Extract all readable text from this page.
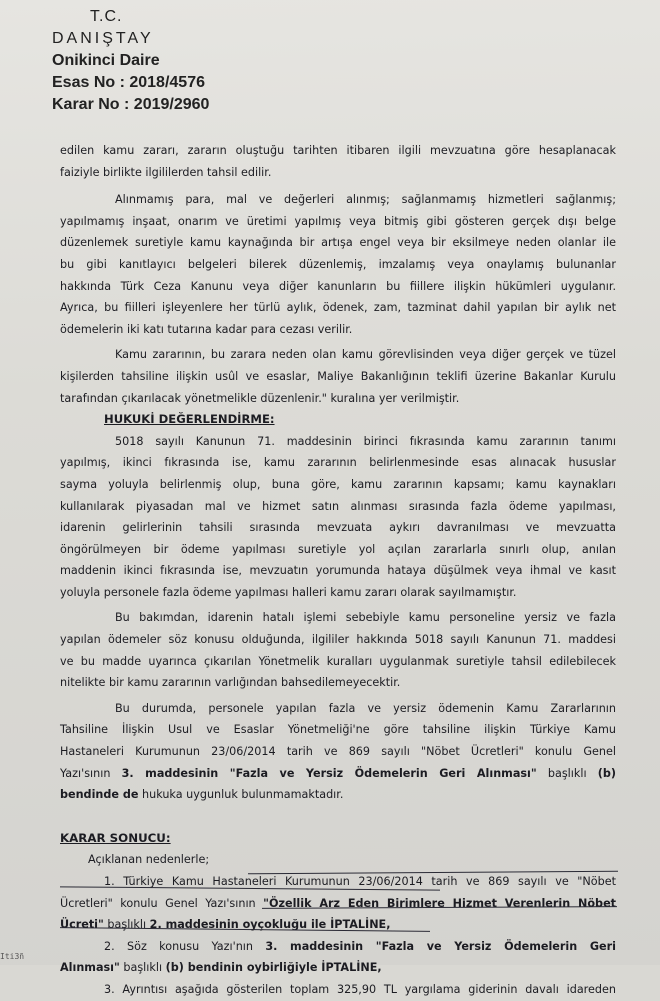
T.C.
DANIŞTAY
Onikinci Daire
Esas No : 2018/4576
Karar No : 2019/2960

edilen kamu zararı, zararın oluştuğu tarihten itibaren ilgili mevzuatına göre hesaplanacak

faiziyle birlikte ilgililerden tahsil edilir.

Alınmamış para, mal ve değerleri alınmış; sağlanmamış hizmetleri sağlanmış;

yapılmamış inşaat, onarım ve üretimi yapılmış veya bitmiş gibi gösteren gerçek dışı belge

düzenlemek suretiyle kamu kaynağında bir artışa engel veya bir eksilmeye neden olanlar ile

bu gibi kanıtlayıcı belgeleri bilerek düzenlemiş, imzalamış veya onaylamış bulunanlar

hakkında Türk Ceza Kanunu veya diğer kanunların bu fiillere ilişkin hükümleri uygulanır.

Ayrıca, bu fiilleri işleyenlere her türlü aylık, ödenek, zam, tazminat dahil yapılan bir aylık net

ödemelerin iki katı tutarına kadar para cezası verilir.

Kamu zararının, bu zarara neden olan kamu görevlisinden veya diğer gerçek ve tüzel

kişilerden tahsiline ilişkin usûl ve esaslar, Maliye Bakanlığının teklifi üzerine Bakanlar Kurulu

tarafından çıkarılacak yönetmelikle düzenlenir." kuralına yer verilmiştir.

HUKUKİ DEĞERLENDİRME:

5018 sayılı Kanunun 71. maddesinin birinci fıkrasında kamu zararının tanımı

yapılmış, ikinci fıkrasında ise, kamu zararının belirlenmesinde esas alınacak hususlar

sayma yoluyla belirlenmiş olup, buna göre, kamu zararının kapsamı; kamu kaynakları

kullanılarak piyasadan mal ve hizmet satın alınması sırasında fazla ödeme yapılması,

idarenin gelirlerinin tahsili sırasında mevzuata aykırı davranılması ve mevzuatta

öngörülmeyen bir ödeme yapılması suretiyle yol açılan zararlarla sınırlı olup, anılan

maddenin ikinci fıkrasında ise, mevzuatın yorumunda hataya düşülmek veya ihmal ve kasıt

yoluyla personele fazla ödeme yapılması halleri kamu zararı olarak sayılmamıştır.

Bu bakımdan, idarenin hatalı işlemi sebebiyle kamu personeline yersiz ve fazla

yapılan ödemeler söz konusu olduğunda, ilgililer hakkında 5018 sayılı Kanunun 71. maddesi

ve bu madde uyarınca çıkarılan Yönetmelik kuralları uygulanmak suretiyle tahsil edilebilecek

nitelikte bir kamu zararının varlığından bahsedilemeyecektir.

Bu durumda, personele yapılan fazla ve yersiz ödemenin Kamu Zararlarının

Tahsiline İlişkin Usul ve Esaslar Yönetmeliği'ne göre tahsiline ilişkin Türkiye Kamu

Hastaneleri Kurumunun 23/06/2014 tarih ve 869 sayılı "Nöbet Ücretleri" konulu Genel

Yazı'sının 3. maddesinin "Fazla ve Yersiz Ödemelerin Geri Alınması" başlıklı (b)

bendinde de hukuka uygunluk bulunmamaktadır.

KARAR SONUCU:

Açıklanan nedenlerle;

1. Türkiye Kamu Hastaneleri Kurumunun 23/06/2014 tarih ve 869 sayılı ve "Nöbet

Ücretleri" konulu Genel Yazı'sının "Özellik Arz Eden Birimlere Hizmet Verenlerin Nöbet

Ücreti" başlıklı 2. maddesinin oyçokluğu ile İPTALİNE,

2. Söz konusu Yazı'nın 3. maddesinin "Fazla ve Yersiz Ödemelerin Geri

Alınması" başlıklı (b) bendinin oybirliğiyle İPTALİNE,

3. Ayrıntısı aşağıda gösterilen toplam 325,90 TL yargılama giderinin davalı idareden

Iti3ñ
